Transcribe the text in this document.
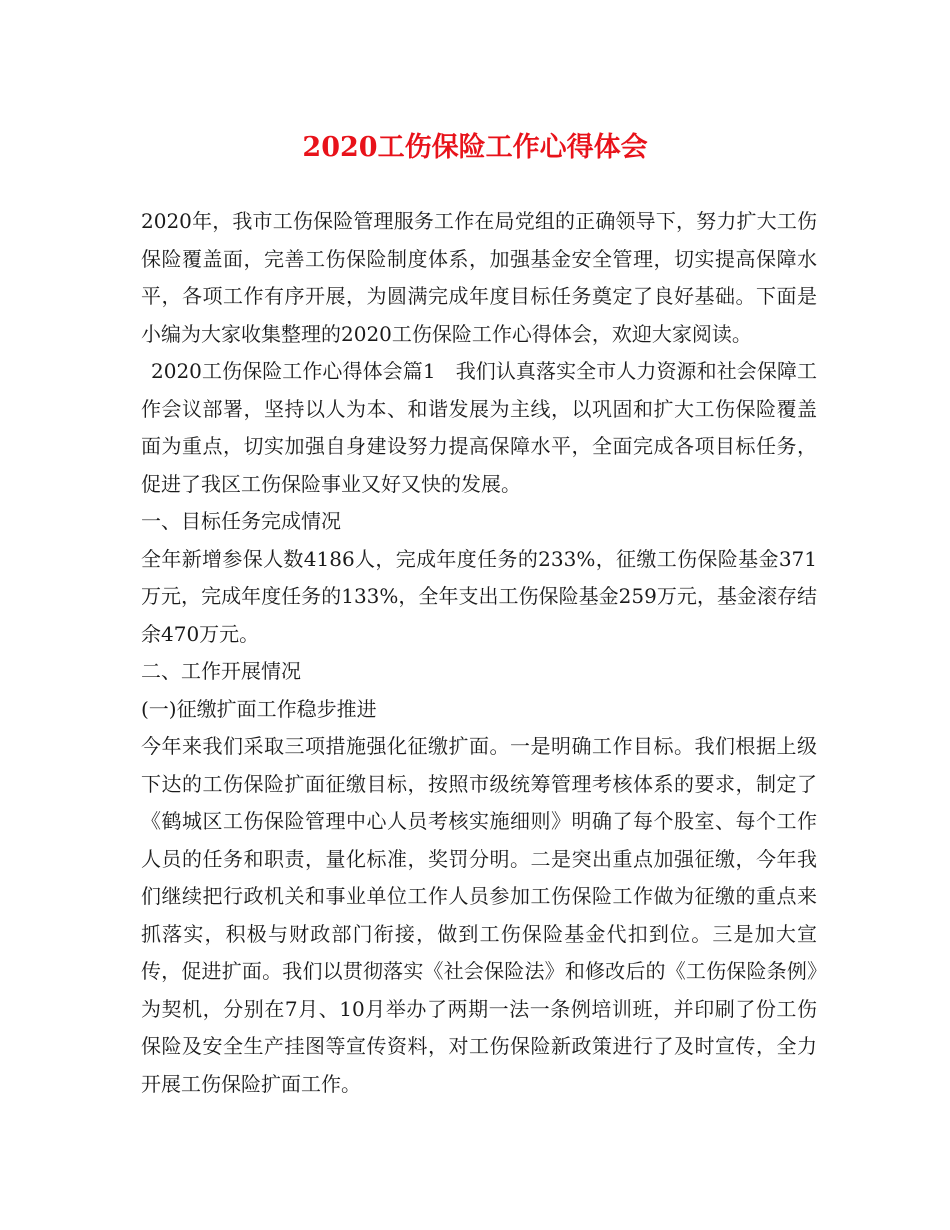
2020工伤保险工作心得体会

2020年，我市工伤保险管理服务工作在局党组的正确领导下，努力扩大工伤保险覆盖面，完善工伤保险制度体系，加强基金安全管理，切实提高保障水平，各项工作有序开展，为圆满完成年度目标任务奠定了良好基础。下面是小编为大家收集整理的2020工伤保险工作心得体会，欢迎大家阅读。

2020工伤保险工作心得体会篇1　我们认真落实全市人力资源和社会保障工作会议部署，坚持以人为本、和谐发展为主线，以巩固和扩大工伤保险覆盖面为重点，切实加强自身建设努力提高保障水平，全面完成各项目标任务，促进了我区工伤保险事业又好又快的发展。

一、目标任务完成情况

全年新增参保人数4186人，完成年度任务的233%，征缴工伤保险基金371万元，完成年度任务的133%，全年支出工伤保险基金259万元，基金滚存结余470万元。

二、工作开展情况

(一)征缴扩面工作稳步推进

今年来我们采取三项措施强化征缴扩面。一是明确工作目标。我们根据上级下达的工伤保险扩面征缴目标，按照市级统筹管理考核体系的要求，制定了《鹤城区工伤保险管理中心人员考核实施细则》明确了每个股室、每个工作人员的任务和职责，量化标准，奖罚分明。二是突出重点加强征缴，今年我们继续把行政机关和事业单位工作人员参加工伤保险工作做为征缴的重点来抓落实，积极与财政部门衔接，做到工伤保险基金代扣到位。三是加大宣传，促进扩面。我们以贯彻落实《社会保险法》和修改后的《工伤保险条例》为契机，分别在7月、10月举办了两期一法一条例培训班，并印刷了份工伤保险及安全生产挂图等宣传资料，对工伤保险新政策进行了及时宣传，全力开展工伤保险扩面工作。
